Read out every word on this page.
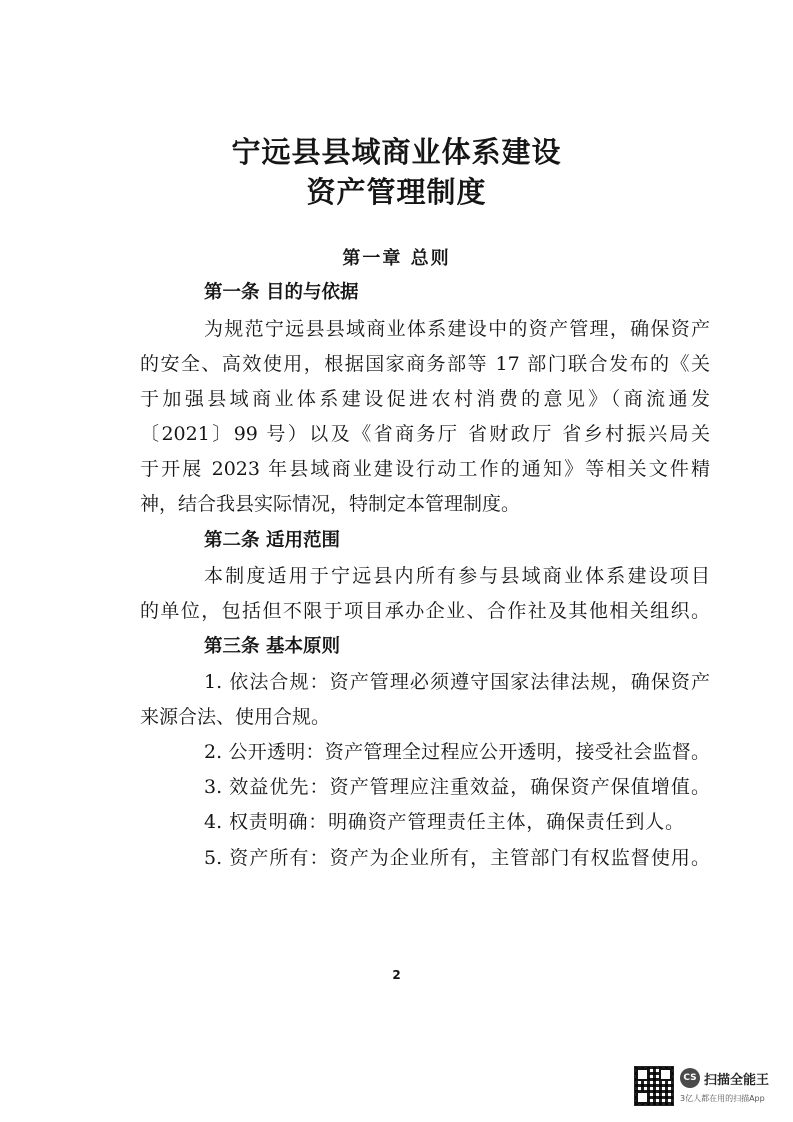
宁远县县域商业体系建设
资产管理制度
第一章 总则
第一条 目的与依据
为规范宁远县县域商业体系建设中的资产管理，确保资产
的安全、高效使用，根据国家商务部等 17 部门联合发布的《关
于加强县域商业体系建设促进农村消费的意见》（商流通发
〔2021〕99 号）以及《省商务厅 省财政厅 省乡村振兴局关
于开展 2023 年县域商业建设行动工作的通知》等相关文件精
神，结合我县实际情况，特制定本管理制度。
第二条 适用范围
本制度适用于宁远县内所有参与县域商业体系建设项目
的单位，包括但不限于项目承办企业、合作社及其他相关组织。
第三条 基本原则
1. 依法合规：资产管理必须遵守国家法律法规，确保资产
来源合法、使用合规。
2. 公开透明：资产管理全过程应公开透明，接受社会监督。
3. 效益优先：资产管理应注重效益，确保资产保值增值。
4. 权责明确：明确资产管理责任主体，确保责任到人。
5. 资产所有：资产为企业所有，主管部门有权监督使用。
2
CS 扫描全能王
3亿人都在用的扫描App
